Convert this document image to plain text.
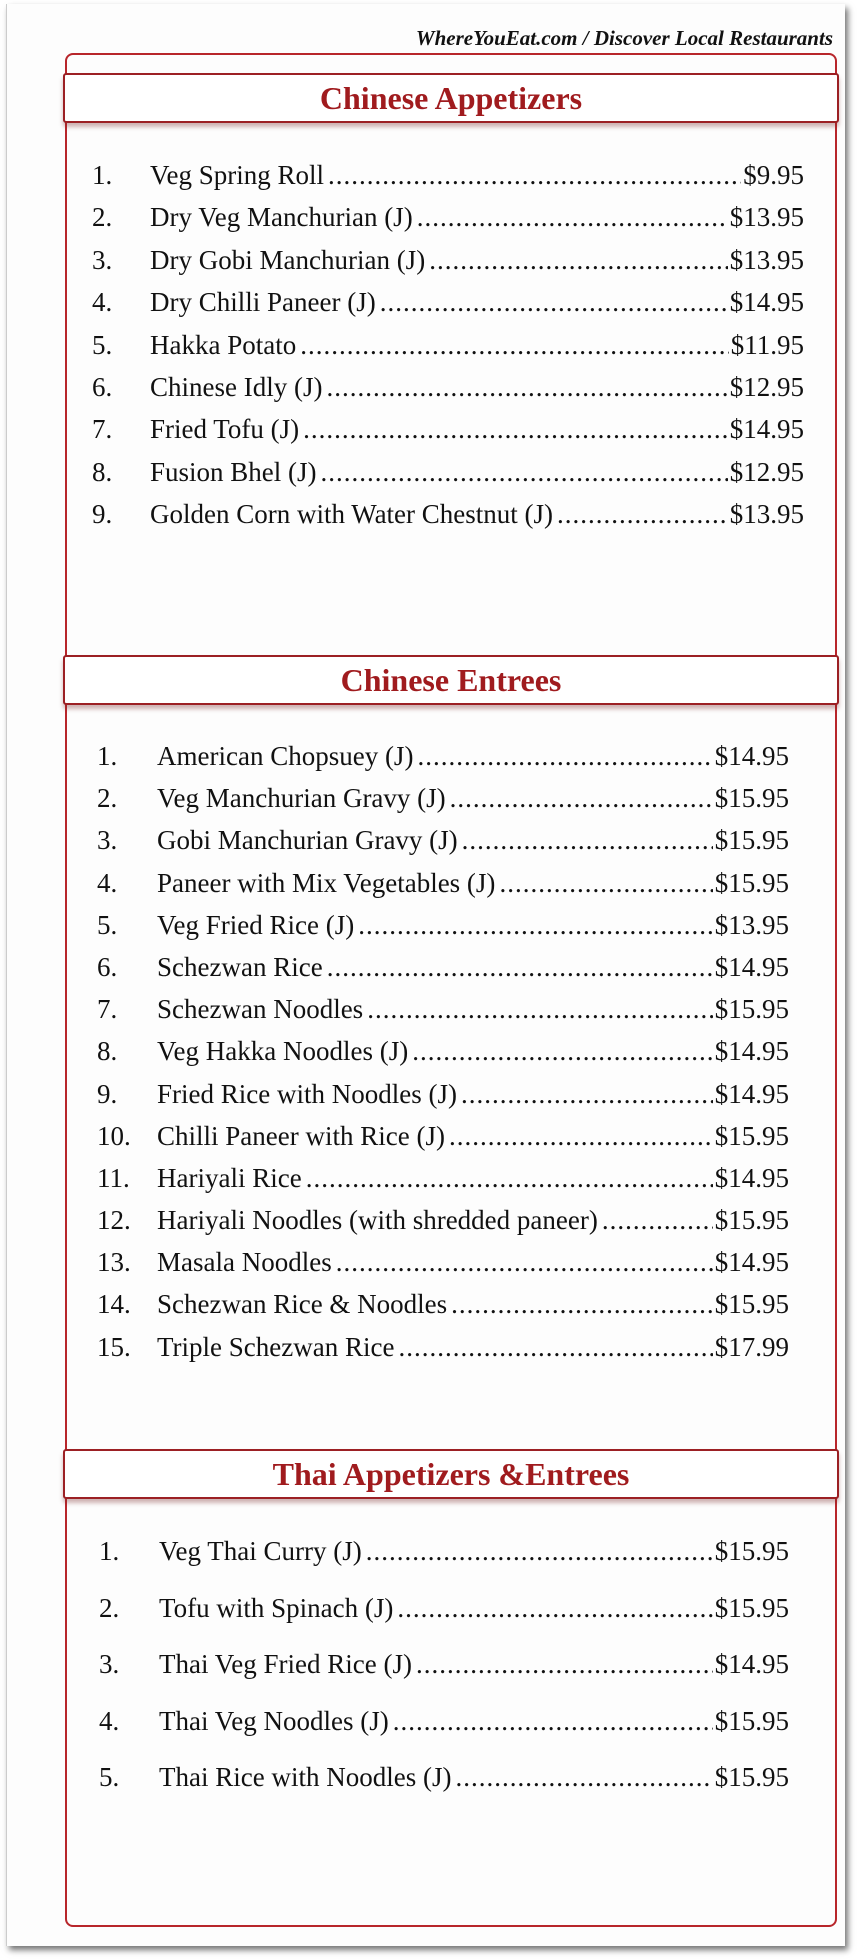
WhereYouEat.com / Discover Local Restaurants
Chinese Appetizers
1.	Veg Spring Roll .....	$9.95
2.	Dry Veg Manchurian (J) .....	$13.95
3.	Dry Gobi Manchurian (J) .....	$13.95
4.	Dry Chilli Paneer (J) .....	$14.95
5.	Hakka Potato .....	$11.95
6.	Chinese Idly (J) .....	$12.95
7.	Fried Tofu (J) .....	$14.95
8.	Fusion Bhel (J) .....	$12.95
9.	Golden Corn with Water Chestnut (J) .....	$13.95
Chinese Entrees
1.	American Chopsuey (J) .....	$14.95
2.	Veg Manchurian Gravy (J) .....	$15.95
3.	Gobi Manchurian Gravy (J) .....	$15.95
4.	Paneer with Mix Vegetables (J) .....	$15.95
5.	Veg Fried Rice (J) .....	$13.95
6.	Schezwan Rice .....	$14.95
7.	Schezwan Noodles .....	$15.95
8.	Veg Hakka Noodles (J) .....	$14.95
9.	Fried Rice with Noodles (J) .....	$14.95
10. Chilli Paneer with Rice (J) .....	$15.95
11.	Hariyali Rice .....	$14.95
12. Hariyali Noodles (with shredded paneer) .....	$15.95
13. Masala Noodles .....	$14.95
14. Schezwan Rice & Noodles .....	$15.95
15. Triple Schezwan Rice .....	$17.99
Thai Appetizers &Entrees
1.	Veg Thai Curry (J) .....	$15.95
2.	Tofu with Spinach (J) .....	$15.95
3.	Thai Veg Fried Rice (J) .....	$14.95
4.	Thai Veg Noodles (J) .....	$15.95
5.	Thai Rice with Noodles (J) .....	$15.95
